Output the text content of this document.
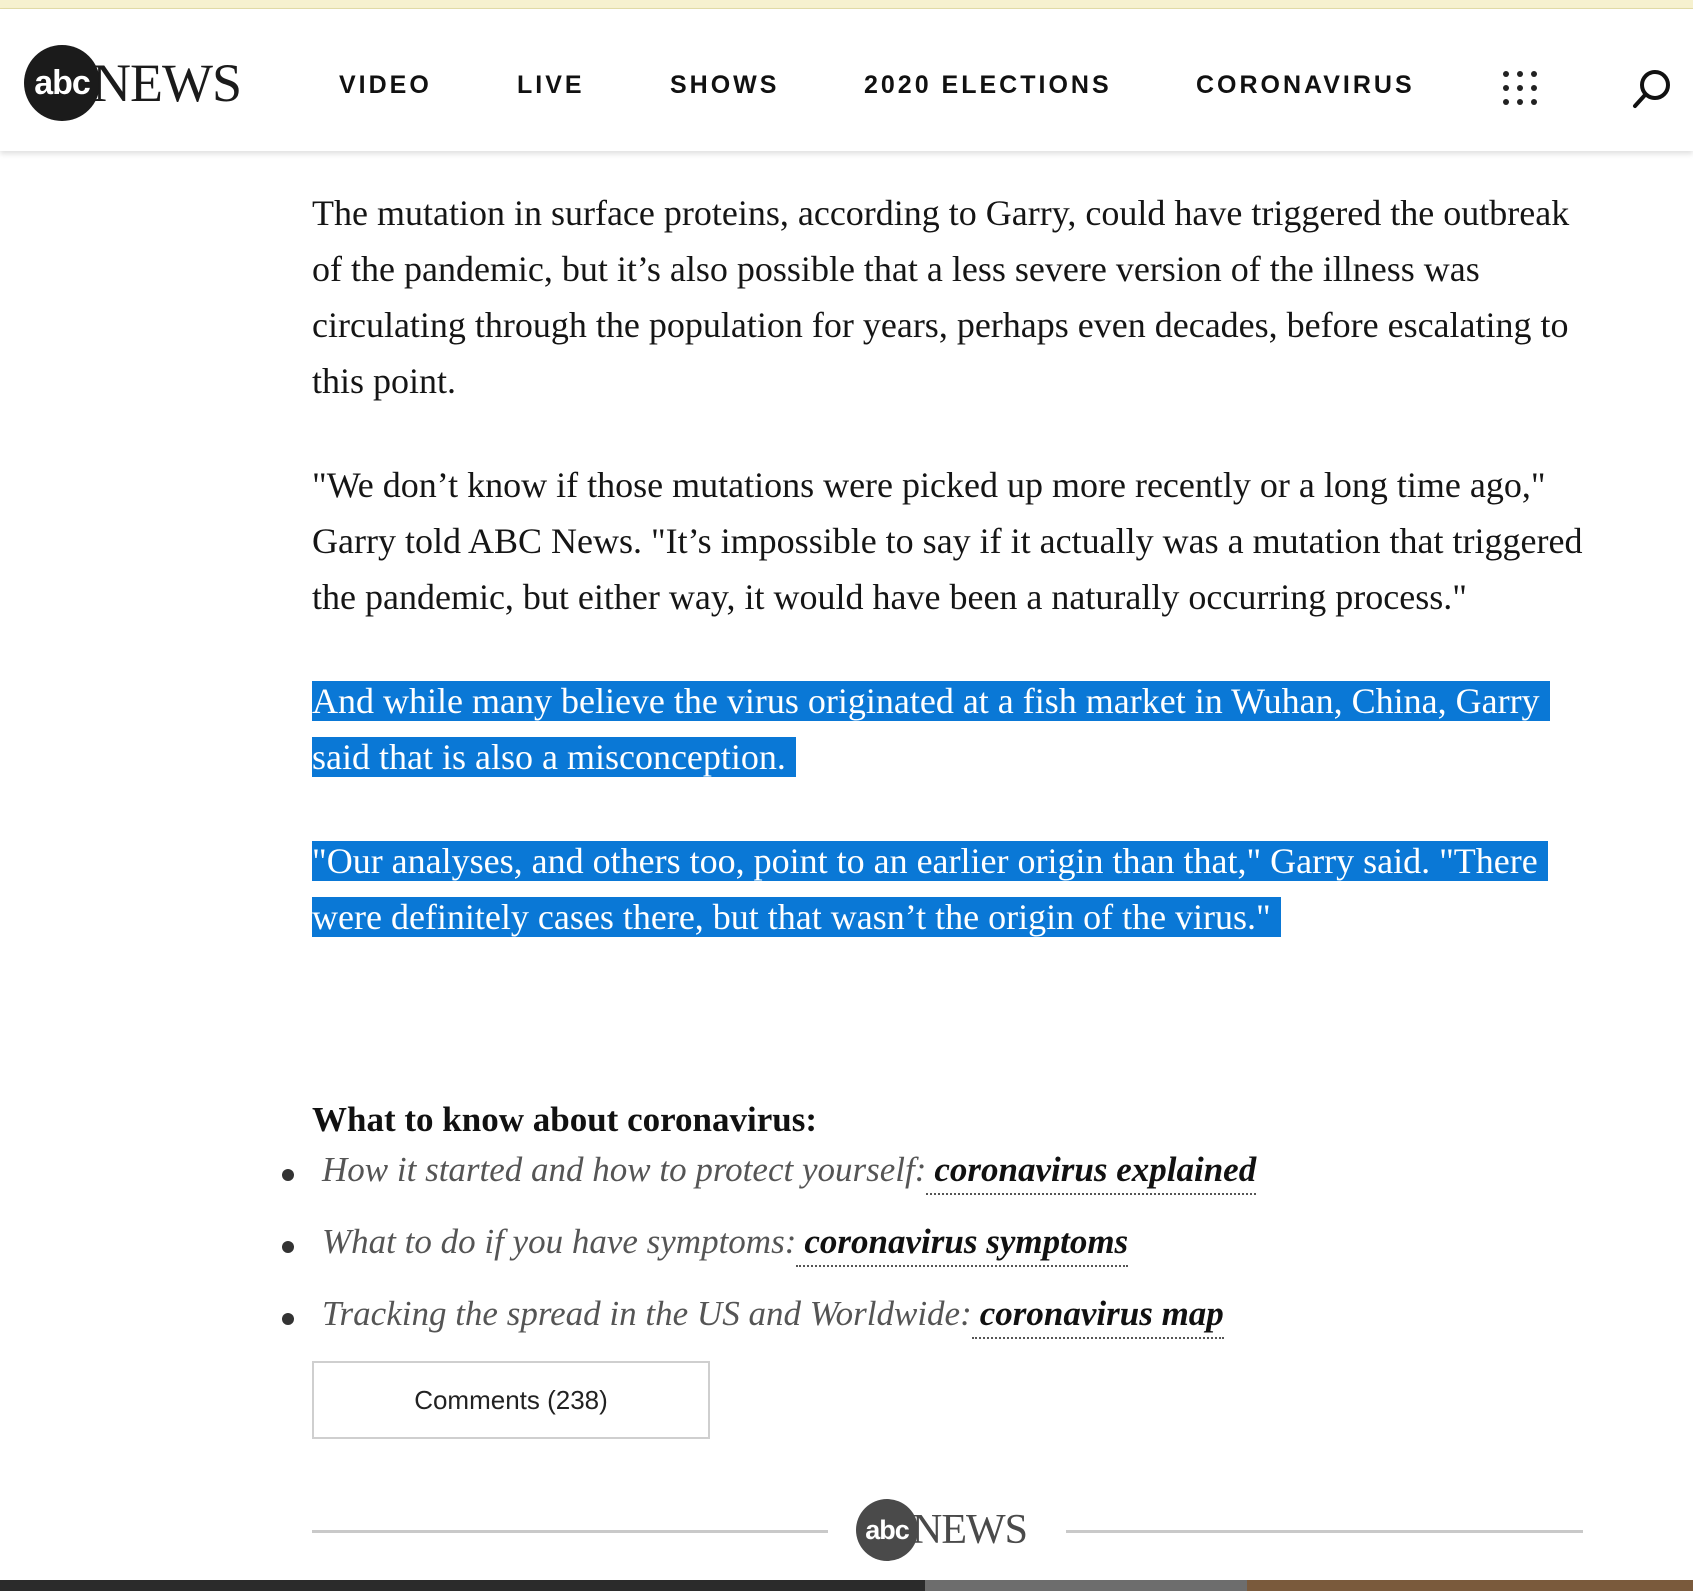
abc NEWS	VIDEO	LIVE	SHOWS	2020 ELECTIONS	CORONAVIRUS

The mutation in surface proteins, according to Garry, could have triggered the outbreak of the pandemic, but it’s also possible that a less severe version of the illness was circulating through the population for years, perhaps even decades, before escalating to this point.

"We don’t know if those mutations were picked up more recently or a long time ago," Garry told ABC News. "It’s impossible to say if it actually was a mutation that triggered the pandemic, but either way, it would have been a naturally occurring process."

And while many believe the virus originated at a fish market in Wuhan, China, Garry said that is also a misconception.

"Our analyses, and others too, point to an earlier origin than that," Garry said. "There were definitely cases there, but that wasn’t the origin of the virus."

What to know about coronavirus:
How it started and how to protect yourself: coronavirus explained
What to do if you have symptoms: coronavirus symptoms
Tracking the spread in the US and Worldwide: coronavirus map
Comments (238)
abc NEWS
